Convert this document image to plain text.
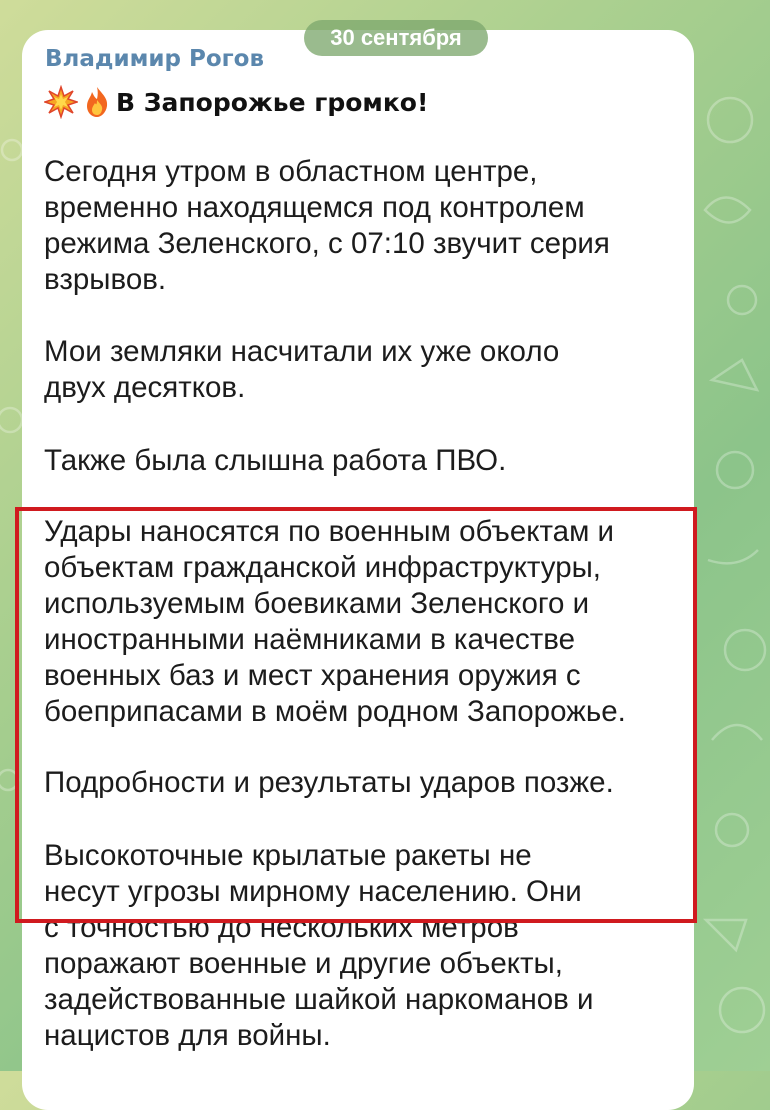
30 сентября
Владимир Рогов
В Запорожье громко!
Сегодня утром в областном центре,
временно находящемся под контролем
режима Зеленского, с 07:10 звучит серия
взрывов.
Мои земляки насчитали их уже около
двух десятков.
Также была слышна работа ПВО.
Удары наносятся по военным объектам и
объектам гражданской инфраструктуры,
используемым боевиками Зеленского и
иностранными наёмниками в качестве
военных баз и мест хранения оружия с
боеприпасами в моём родном Запорожье.
Подробности и результаты ударов позже.
Высокоточные крылатые ракеты не
несут угрозы мирному населению. Они
с точностью до нескольких метров
поражают военные и другие объекты,
задействованные шайкой наркоманов и
нацистов для войны.
